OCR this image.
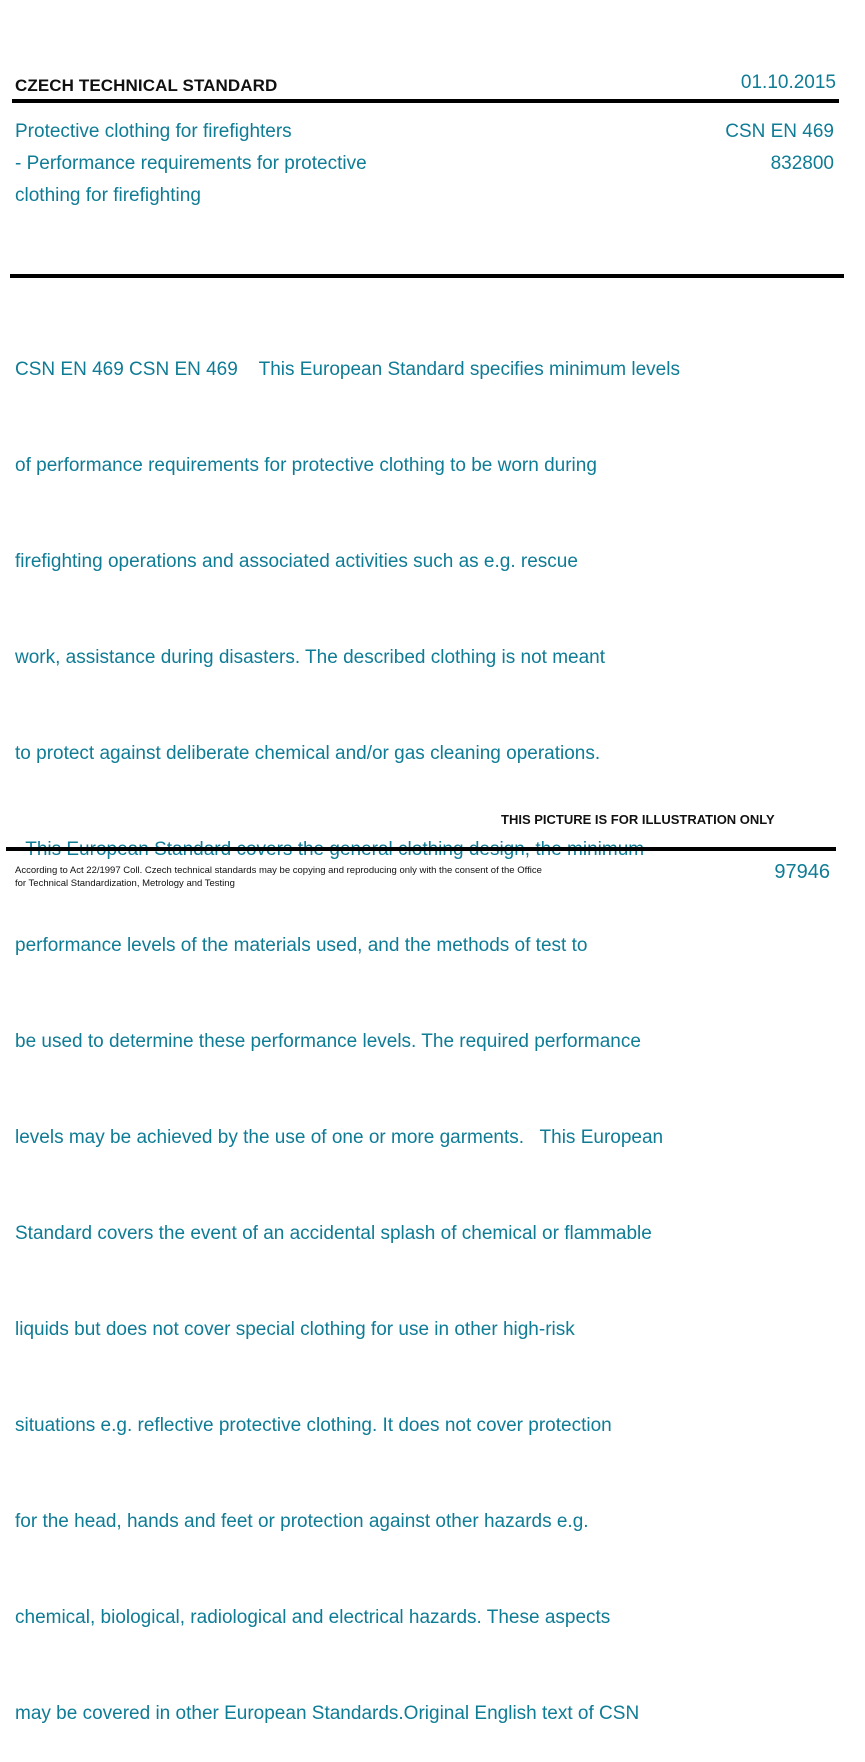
CZECH TECHNICAL STANDARD	01.10.2015
Protective clothing for firefighters
- Performance requirements for protective
clothing for firefighting
CSN EN 469
832800

CSN EN 469 CSN EN 469    This European Standard specifies minimum levels

of performance requirements for protective clothing to be worn during

firefighting operations and associated activities such as e.g. rescue

work, assistance during disasters. The described clothing is not meant

to protect against deliberate chemical and/or gas cleaning operations.

performance levels of the materials used, and the methods of test to

be used to determine these performance levels. The required performance

levels may be achieved by the use of one or more garments.   This European

Standard covers the event of an accidental splash of chemical or flammable

liquids but does not cover special clothing for use in other high-risk

situations e.g. reflective protective clothing. It does not cover protection

for the head, hands and feet or protection against other hazards e.g.

chemical, biological, radiological and electrical hazards. These aspects

may be covered in other European Standards.Original English text of CSN

THIS PICTURE IS FOR ILLUSTRATION ONLY
According to Act 22/1997 Coll. Czech technical standards may be copying and reproducing only with the consent of the Office
for Technical Standardization, Metrology and Testing
97946
